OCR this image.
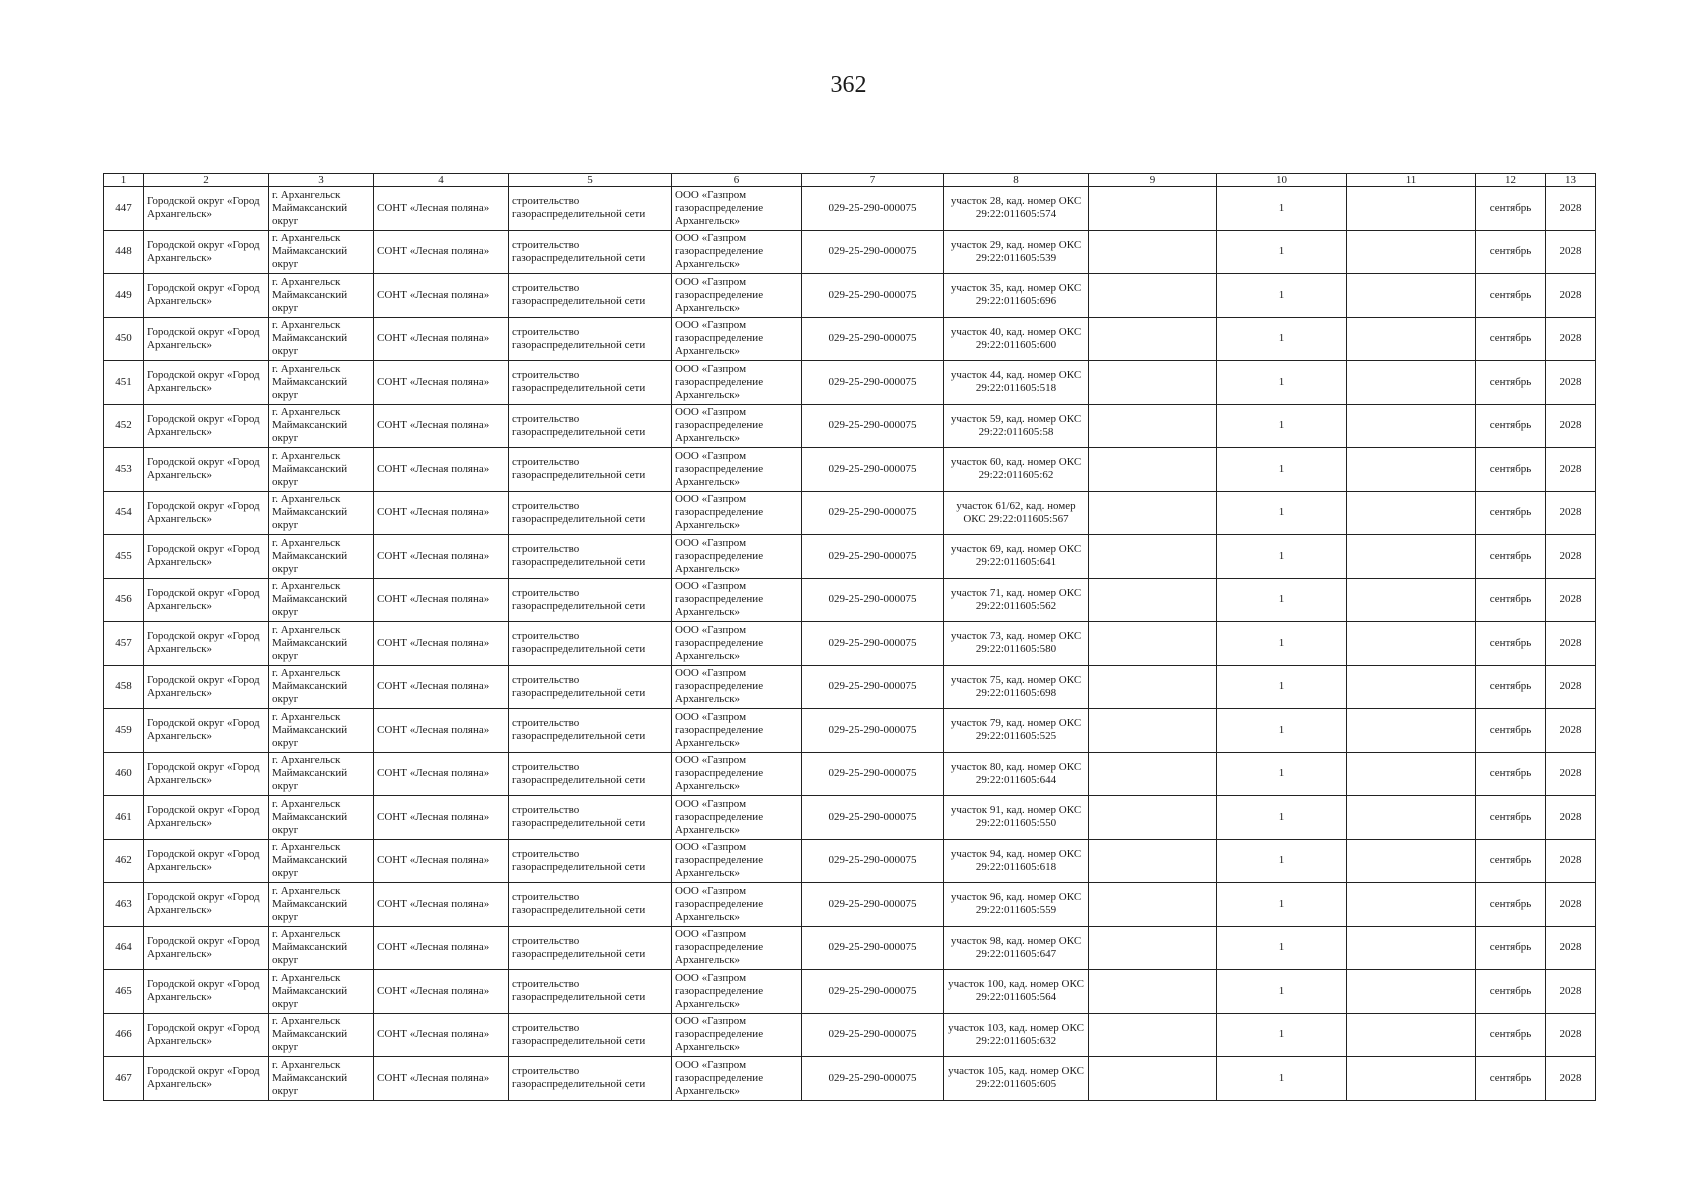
362
1	2	3	4	5	6	7	8	9	10	11	12	13
447	Городской округ «Город Архангельск»	г. Архангельск Маймаксанский округ	СОНТ «Лесная поляна»	строительство газораспределительной сети	ООО «Газпром газораспределение Архангельск»	029-25-290-000075	участок 28, кад. номер ОКС 29:22:011605:574		1		сентябрь	2028
448	Городской округ «Город Архангельск»	г. Архангельск Маймаксанский округ	СОНТ «Лесная поляна»	строительство газораспределительной сети	ООО «Газпром газораспределение Архангельск»	029-25-290-000075	участок 29, кад. номер ОКС 29:22:011605:539		1		сентябрь	2028
449	Городской округ «Город Архангельск»	г. Архангельск Маймаксанский округ	СОНТ «Лесная поляна»	строительство газораспределительной сети	ООО «Газпром газораспределение Архангельск»	029-25-290-000075	участок 35, кад. номер ОКС 29:22:011605:696		1		сентябрь	2028
450	Городской округ «Город Архангельск»	г. Архангельск Маймаксанский округ	СОНТ «Лесная поляна»	строительство газораспределительной сети	ООО «Газпром газораспределение Архангельск»	029-25-290-000075	участок 40, кад. номер ОКС 29:22:011605:600		1		сентябрь	2028
451	Городской округ «Город Архангельск»	г. Архангельск Маймаксанский округ	СОНТ «Лесная поляна»	строительство газораспределительной сети	ООО «Газпром газораспределение Архангельск»	029-25-290-000075	участок 44, кад. номер ОКС 29:22:011605:518		1		сентябрь	2028
452	Городской округ «Город Архангельск»	г. Архангельск Маймаксанский округ	СОНТ «Лесная поляна»	строительство газораспределительной сети	ООО «Газпром газораспределение Архангельск»	029-25-290-000075	участок 59, кад. номер ОКС 29:22:011605:58		1		сентябрь	2028
453	Городской округ «Город Архангельск»	г. Архангельск Маймаксанский округ	СОНТ «Лесная поляна»	строительство газораспределительной сети	ООО «Газпром газораспределение Архангельск»	029-25-290-000075	участок 60, кад. номер ОКС 29:22:011605:62		1		сентябрь	2028
454	Городской округ «Город Архангельск»	г. Архангельск Маймаксанский округ	СОНТ «Лесная поляна»	строительство газораспределительной сети	ООО «Газпром газораспределение Архангельск»	029-25-290-000075	участок 61/62, кад. номер ОКС 29:22:011605:567		1		сентябрь	2028
455	Городской округ «Город Архангельск»	г. Архангельск Маймаксанский округ	СОНТ «Лесная поляна»	строительство газораспределительной сети	ООО «Газпром газораспределение Архангельск»	029-25-290-000075	участок 69, кад. номер ОКС 29:22:011605:641		1		сентябрь	2028
456	Городской округ «Город Архангельск»	г. Архангельск Маймаксанский округ	СОНТ «Лесная поляна»	строительство газораспределительной сети	ООО «Газпром газораспределение Архангельск»	029-25-290-000075	участок 71, кад. номер ОКС 29:22:011605:562		1		сентябрь	2028
457	Городской округ «Город Архангельск»	г. Архангельск Маймаксанский округ	СОНТ «Лесная поляна»	строительство газораспределительной сети	ООО «Газпром газораспределение Архангельск»	029-25-290-000075	участок 73, кад. номер ОКС 29:22:011605:580		1		сентябрь	2028
458	Городской округ «Город Архангельск»	г. Архангельск Маймаксанский округ	СОНТ «Лесная поляна»	строительство газораспределительной сети	ООО «Газпром газораспределение Архангельск»	029-25-290-000075	участок 75, кад. номер ОКС 29:22:011605:698		1		сентябрь	2028
459	Городской округ «Город Архангельск»	г. Архангельск Маймаксанский округ	СОНТ «Лесная поляна»	строительство газораспределительной сети	ООО «Газпром газораспределение Архангельск»	029-25-290-000075	участок 79, кад. номер ОКС 29:22:011605:525		1		сентябрь	2028
460	Городской округ «Город Архангельск»	г. Архангельск Маймаксанский округ	СОНТ «Лесная поляна»	строительство газораспределительной сети	ООО «Газпром газораспределение Архангельск»	029-25-290-000075	участок 80, кад. номер ОКС 29:22:011605:644		1		сентябрь	2028
461	Городской округ «Город Архангельск»	г. Архангельск Маймаксанский округ	СОНТ «Лесная поляна»	строительство газораспределительной сети	ООО «Газпром газораспределение Архангельск»	029-25-290-000075	участок 91, кад. номер ОКС 29:22:011605:550		1		сентябрь	2028
462	Городской округ «Город Архангельск»	г. Архангельск Маймаксанский округ	СОНТ «Лесная поляна»	строительство газораспределительной сети	ООО «Газпром газораспределение Архангельск»	029-25-290-000075	участок 94, кад. номер ОКС 29:22:011605:618		1		сентябрь	2028
463	Городской округ «Город Архангельск»	г. Архангельск Маймаксанский округ	СОНТ «Лесная поляна»	строительство газораспределительной сети	ООО «Газпром газораспределение Архангельск»	029-25-290-000075	участок 96, кад. номер ОКС 29:22:011605:559		1		сентябрь	2028
464	Городской округ «Город Архангельск»	г. Архангельск Маймаксанский округ	СОНТ «Лесная поляна»	строительство газораспределительной сети	ООО «Газпром газораспределение Архангельск»	029-25-290-000075	участок 98, кад. номер ОКС 29:22:011605:647		1		сентябрь	2028
465	Городской округ «Город Архангельск»	г. Архангельск Маймаксанский округ	СОНТ «Лесная поляна»	строительство газораспределительной сети	ООО «Газпром газораспределение Архангельск»	029-25-290-000075	участок 100, кад. номер ОКС 29:22:011605:564		1		сентябрь	2028
466	Городской округ «Город Архангельск»	г. Архангельск Маймаксанский округ	СОНТ «Лесная поляна»	строительство газораспределительной сети	ООО «Газпром газораспределение Архангельск»	029-25-290-000075	участок 103, кад. номер ОКС 29:22:011605:632		1		сентябрь	2028
467	Городской округ «Город Архангельск»	г. Архангельск Маймаксанский округ	СОНТ «Лесная поляна»	строительство газораспределительной сети	ООО «Газпром газораспределение Архангельск»	029-25-290-000075	участок 105, кад. номер ОКС 29:22:011605:605		1		сентябрь	2028
